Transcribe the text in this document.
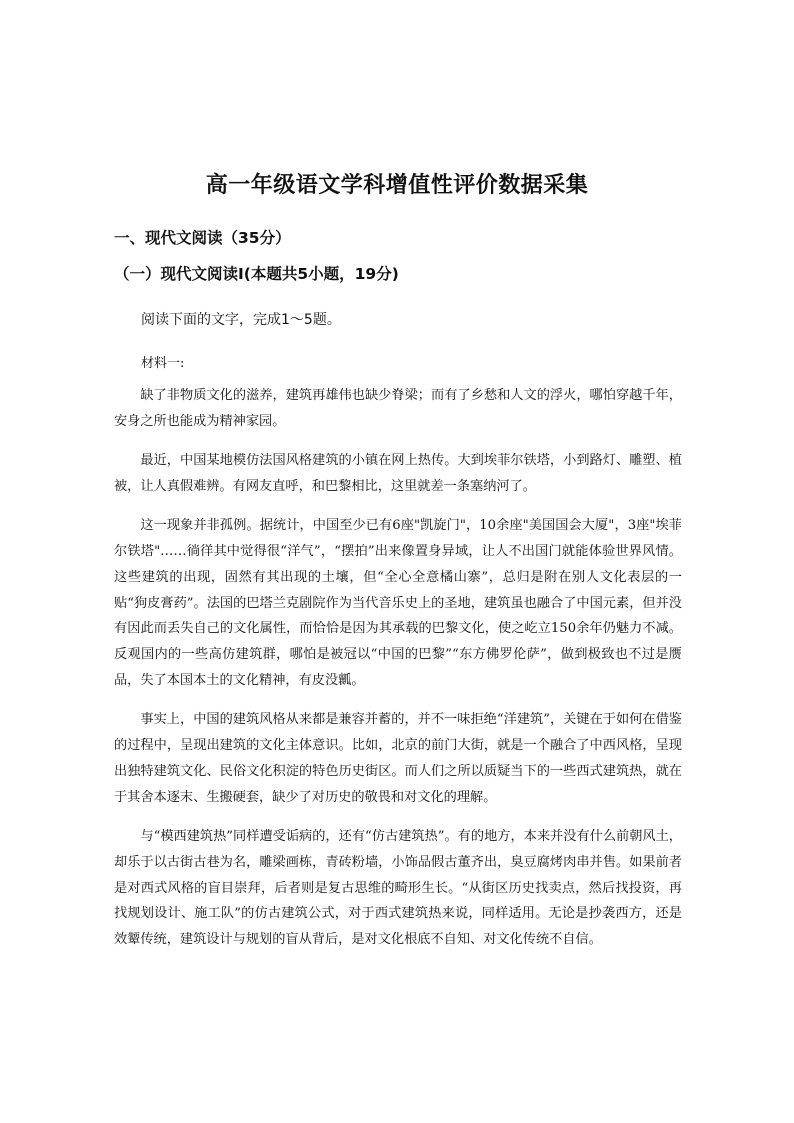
高一年级语文学科增值性评价数据采集
一、现代文阅读（35分）
（一）现代文阅读Ⅰ(本题共5小题，19分)
阅读下面的文字，完成1～5题。
材料一:

缺了非物质文化的滋养，建筑再雄伟也缺少脊梁；而有了乡愁和人文的浮火，哪怕穿越千年，安身之所也能成为精神家园。

最近，中国某地模仿法国风格建筑的小镇在网上热传。大到埃菲尔铁塔，小到路灯、雕塑、植被，让人真假难辨。有网友直呼，和巴黎相比，这里就差一条塞纳河了。

这一现象并非孤例。据统计，中国至少已有6座"凯旋门"，10余座"美国国会大厦"，3座"埃菲尔铁塔"……徜徉其中觉得很“洋气”，“摆拍”出来像置身异域，让人不出国门就能体验世界风情。这些建筑的出现，固然有其出现的土壤，但“全心全意橘山寨”，总归是附在别人文化表层的一贴“狗皮膏药”。法国的巴塔兰克剧院作为当代音乐史上的圣地，建筑虽也融合了中国元素，但并没有因此而丢失自己的文化属性，而恰恰是因为其承载的巴黎文化，使之屹立150余年仍魅力不减。反观国内的一些高仿建筑群，哪怕是被冠以“中国的巴黎”“东方佛罗伦萨”，做到极致也不过是赝品，失了本国本土的文化精神，有皮没瓤。

事实上，中国的建筑风格从来都是兼容并蓄的，并不一味拒绝“洋建筑”，关键在于如何在借鉴的过程中，呈现出建筑的文化主体意识。比如，北京的前门大街，就是一个融合了中西风格，呈现出独特建筑文化、民俗文化积淀的特色历史街区。而人们之所以质疑当下的一些西式建筑热，就在于其舍本逐末、生搬硬套，缺少了对历史的敬畏和对文化的理解。

与“模西建筑热”同样遭受诟病的，还有“仿古建筑热”。有的地方，本来并没有什么前朝风土，却乐于以古街古巷为名，雕梁画栋，青砖粉墙，小饰品假古董齐出，臭豆腐烤肉串并售。如果前者是对西式风格的盲目崇拜，后者则是复古思维的畸形生长。“从街区历史找卖点，然后找投资，再找规划设计、施工队”的仿古建筑公式，对于西式建筑热来说，同样适用。无论是抄袭西方，还是效颦传统，建筑设计与规划的盲从背后，是对文化根底不自知、对文化传统不自信。
